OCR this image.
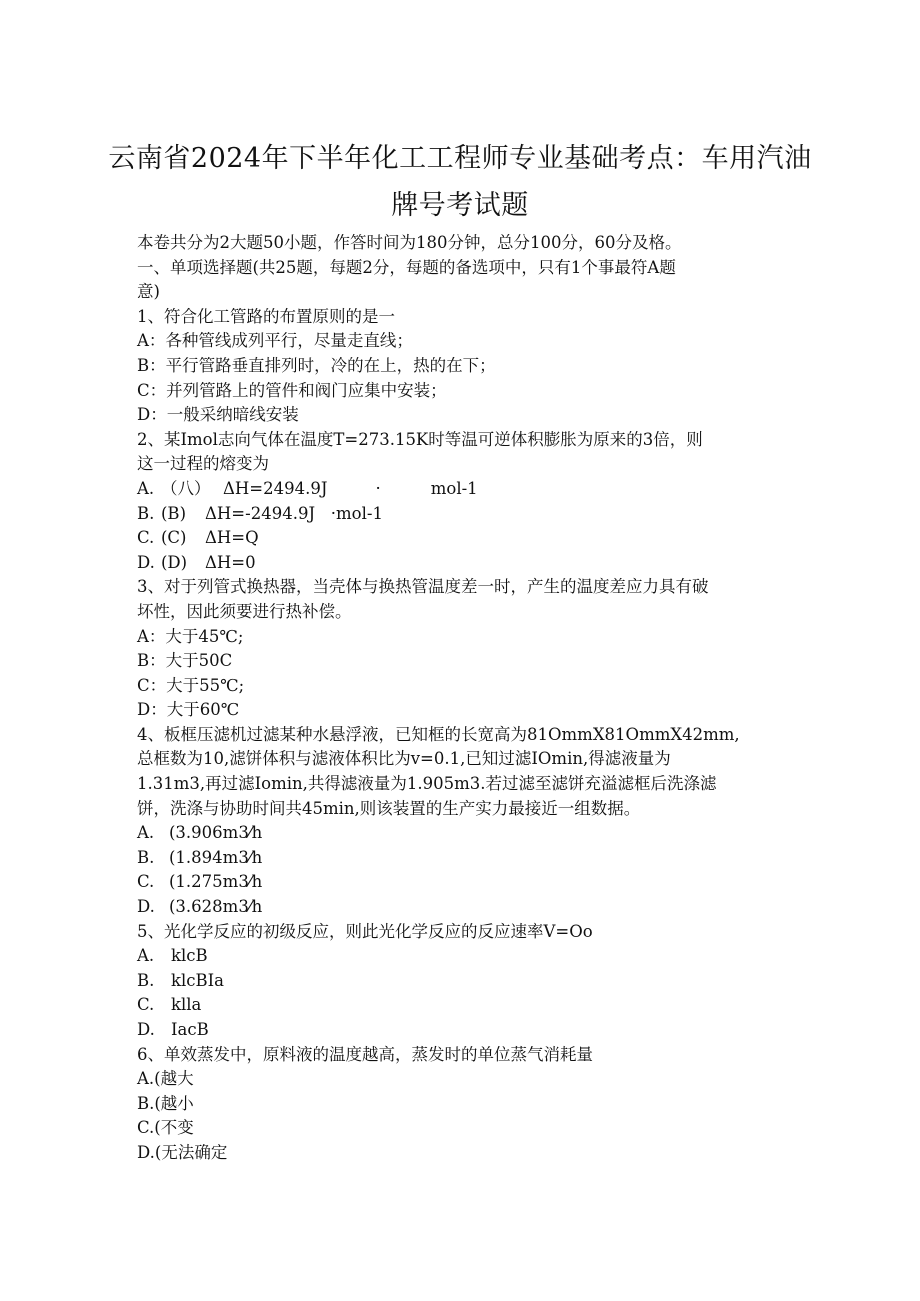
云南省2024年下半年化工工程师专业基础考点：车用汽油
牌号考试题
本卷共分为2大题50小题，作答时间为180分钟，总分100分，60分及格。
一、单项选择题(共25题，每题2分，每题的备选项中，只有1个事最符A题
意)
1、符合化工管路的布置原则的是一
A：各种管线成列平行，尽量走直线；
B：平行管路垂直排列时，冷的在上，热的在下；
C：并列管路上的管件和阀门应集中安装；
D：一般采纳暗线安装
2、某Imol志向气体在温度T=273.15K时等温可逆体积膨胀为原来的3倍，则
这一过程的熔变为
A. （八） ΔH=2494.9J	·	mol-1
B. (B)	ΔH=-2494.9J   ·mol-1
C. (C)	ΔH=Q
D. (D)	ΔH=0
3、对于列管式换热器，当壳体与换热管温度差一时，产生的温度差应力具有破
坏性，因此须要进行热补偿。
A：大于45℃;
B：大于50C
C：大于55℃;
D：大于60℃
4、板框压滤机过滤某种水悬浮液，已知框的长宽高为81OmmX81OmmX42mm,
总框数为10,滤饼体积与滤液体积比为v=0.1,已知过滤IOmin,得滤液量为
1.31m3,再过滤Iomin,共得滤液量为1.905m3.若过滤至滤饼充溢滤框后洗涤滤
饼，洗涤与协助时间共45min,则该装置的生产实力最接近一组数据。
A. (3.906m3⁄h
B. (1.894m3⁄h
C. (1.275m3⁄h
D. (3.628m3⁄h
5、光化学反应的初级反应，则此光化学反应的反应速率V=Oo
A.	klcB
B.	klcBIa
C.	klla
D. IacB
6、单效蒸发中，原料液的温度越高，蒸发时的单位蒸气消耗量
A.(越大
B.(越小
C.(不变
D.(无法确定
